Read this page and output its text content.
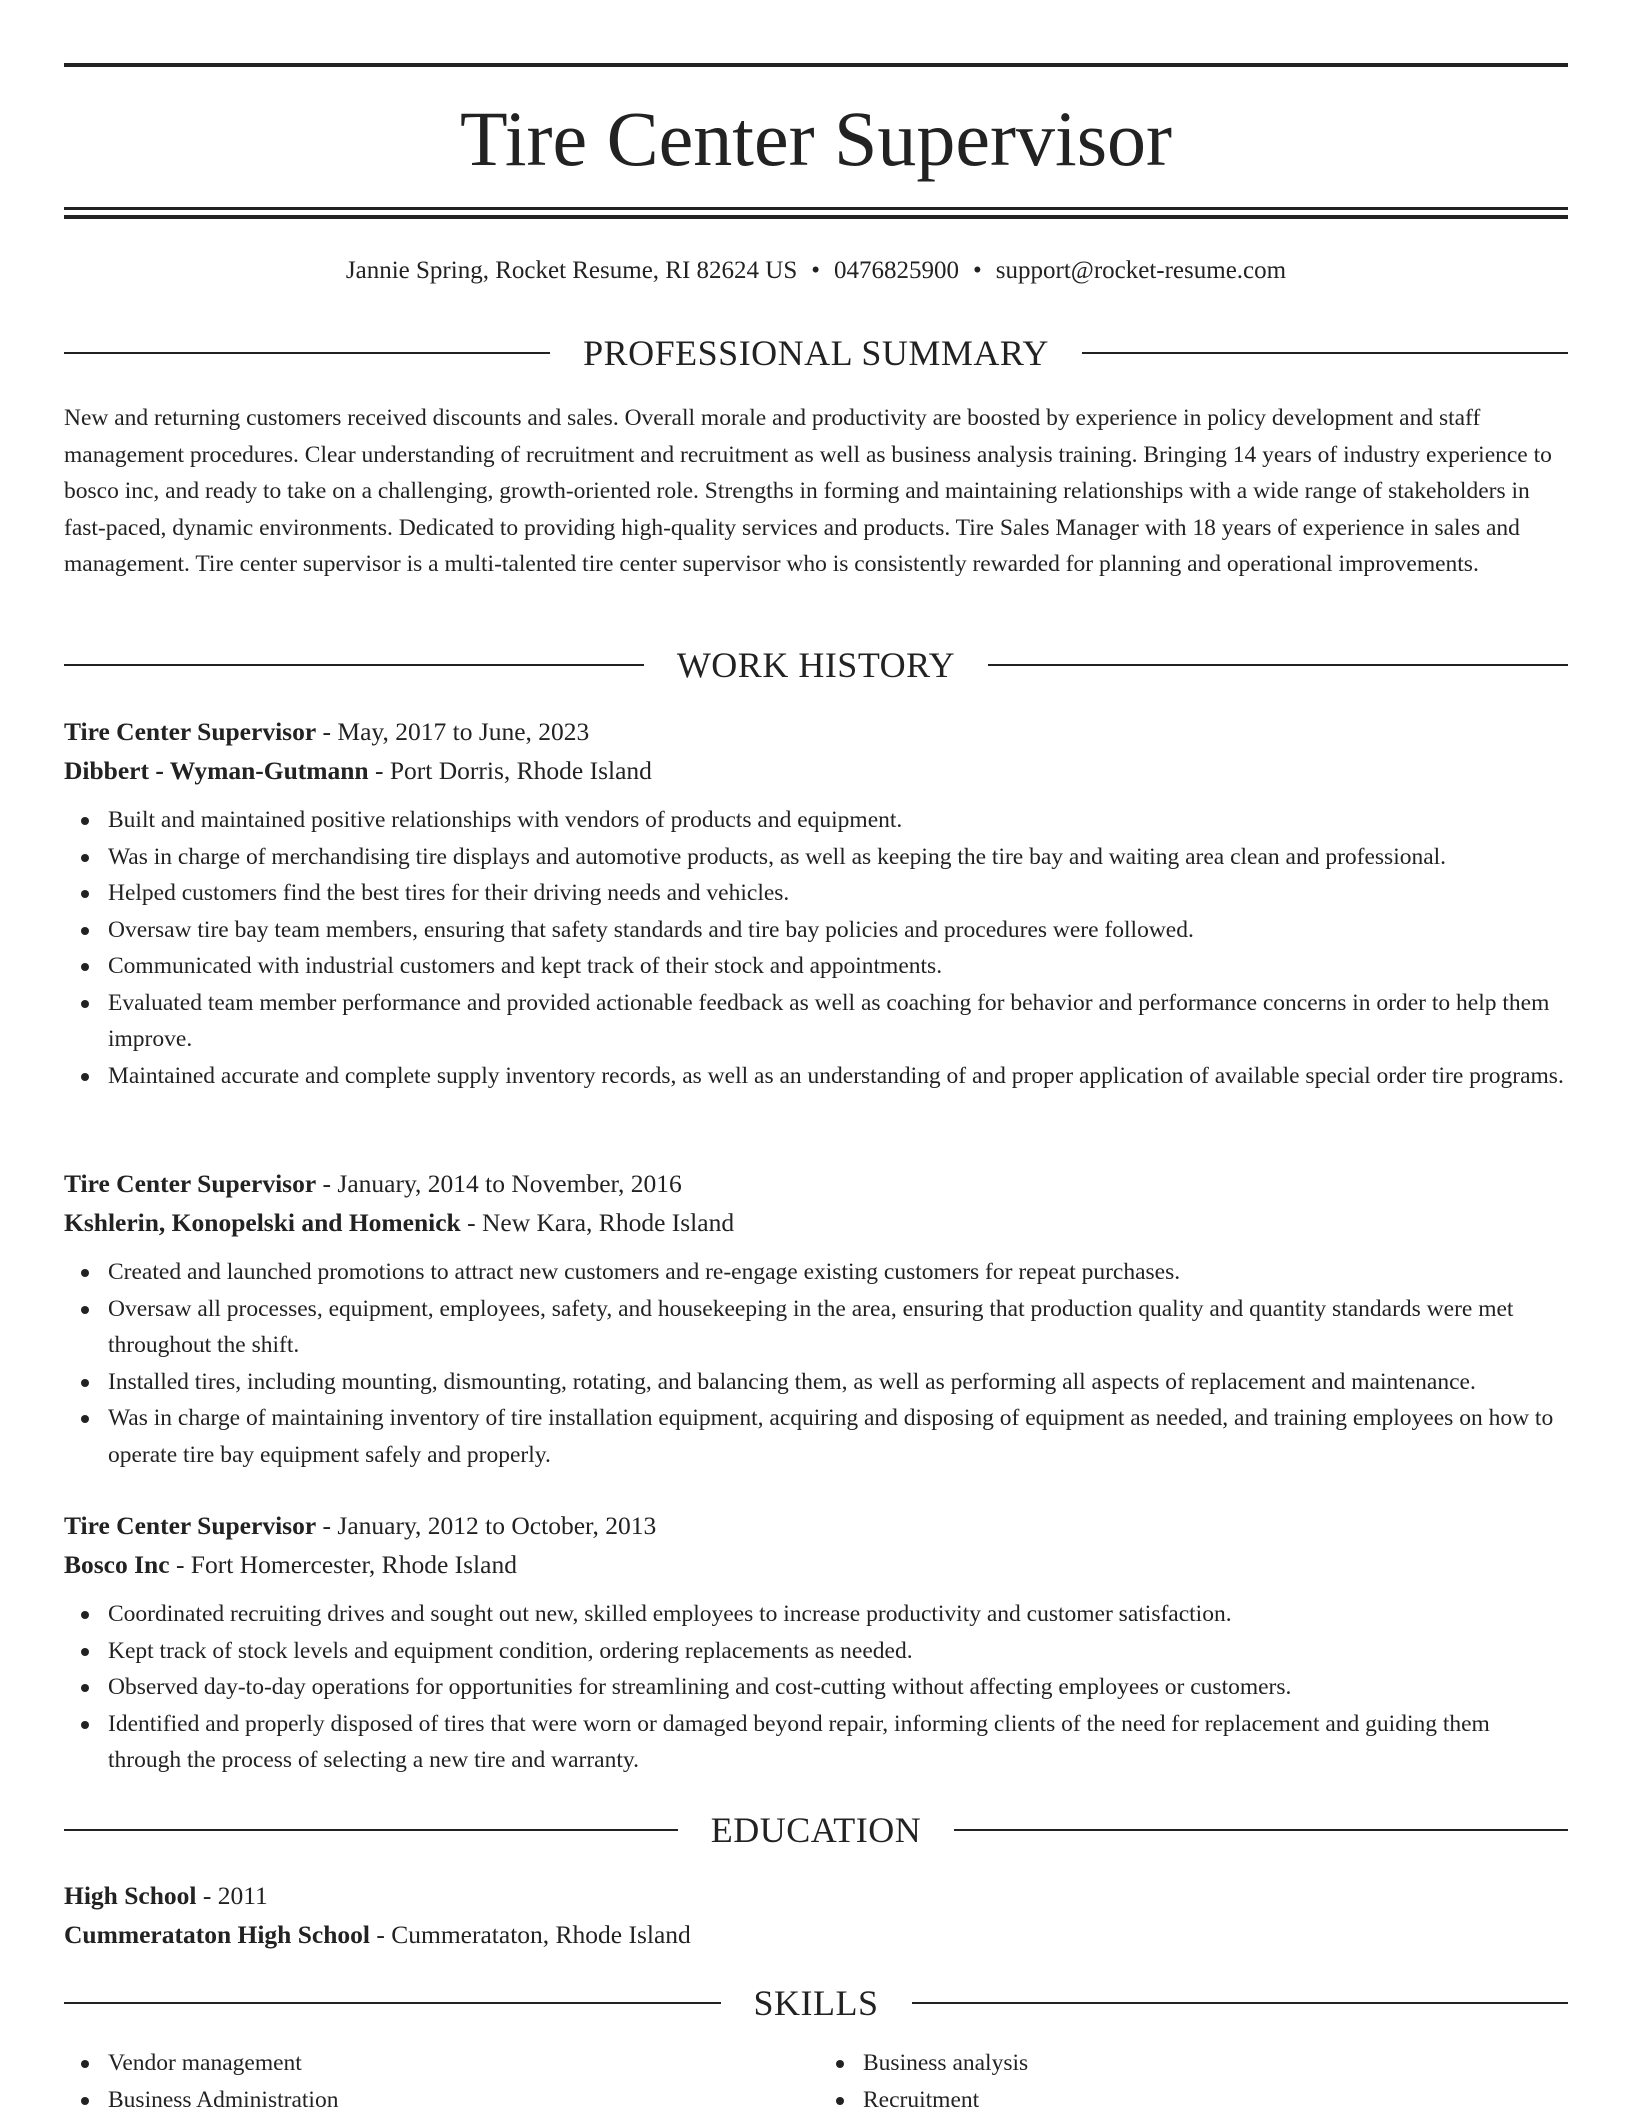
Tire Center Supervisor
Jannie Spring, Rocket Resume, RI 82624 US • 0476825900 • support@rocket-resume.com
PROFESSIONAL SUMMARY

New and returning customers received discounts and sales. Overall morale and productivity are boosted by experience in policy development and staff management procedures. Clear understanding of recruitment and recruitment as well as business analysis training. Bringing 14 years of industry experience to bosco inc, and ready to take on a challenging, growth-oriented role. Strengths in forming and maintaining relationships with a wide range of stakeholders in fast-paced, dynamic environments. Dedicated to providing high-quality services and products. Tire Sales Manager with 18 years of experience in sales and management. Tire center supervisor is a multi-talented tire center supervisor who is consistently rewarded for planning and operational improvements.

WORK HISTORY
Tire Center Supervisor - May, 2017 to June, 2023
Dibbert - Wyman-Gutmann - Port Dorris, Rhode Island
Built and maintained positive relationships with vendors of products and equipment.
Was in charge of merchandising tire displays and automotive products, as well as keeping the tire bay and waiting area clean and professional.
Helped customers find the best tires for their driving needs and vehicles.
Oversaw tire bay team members, ensuring that safety standards and tire bay policies and procedures were followed.
Communicated with industrial customers and kept track of their stock and appointments.
Evaluated team member performance and provided actionable feedback as well as coaching for behavior and performance concerns in order to help them improve.
Maintained accurate and complete supply inventory records, as well as an understanding of and proper application of available special order tire programs.
Tire Center Supervisor - January, 2014 to November, 2016
Kshlerin, Konopelski and Homenick - New Kara, Rhode Island
Created and launched promotions to attract new customers and re-engage existing customers for repeat purchases.
Oversaw all processes, equipment, employees, safety, and housekeeping in the area, ensuring that production quality and quantity standards were met throughout the shift.
Installed tires, including mounting, dismounting, rotating, and balancing them, as well as performing all aspects of replacement and maintenance.
Was in charge of maintaining inventory of tire installation equipment, acquiring and disposing of equipment as needed, and training employees on how to operate tire bay equipment safely and properly.
Tire Center Supervisor - January, 2012 to October, 2013
Bosco Inc - Fort Homercester, Rhode Island
Coordinated recruiting drives and sought out new, skilled employees to increase productivity and customer satisfaction.
Kept track of stock levels and equipment condition, ordering replacements as needed.
Observed day-to-day operations for opportunities for streamlining and cost-cutting without affecting employees or customers.
Identified and properly disposed of tires that were worn or damaged beyond repair, informing clients of the need for replacement and guiding them through the process of selecting a new tire and warranty.
EDUCATION
High School - 2011
Cummerataton High School - Cummerataton, Rhode Island
SKILLS
Vendor management
Business Administration
Business analysis
Recruitment
